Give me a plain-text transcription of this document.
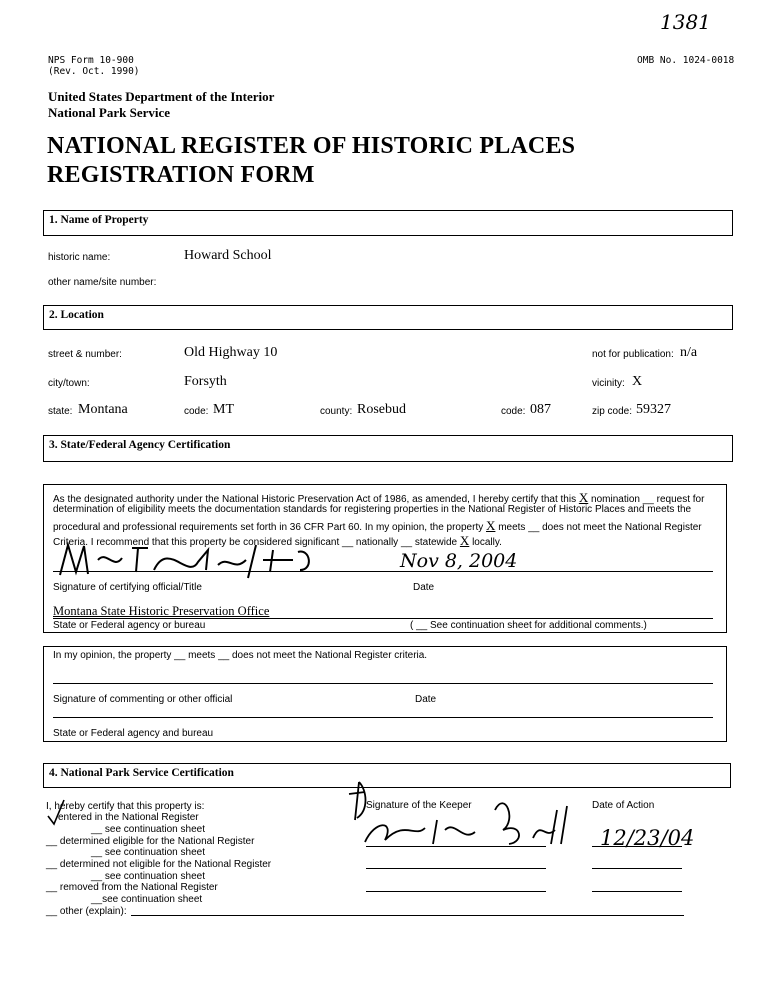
NPS Form 10-900
(Rev. Oct. 1990)
OMB No. 1024-0018
1381
United States Department of the Interior
National Park Service
NATIONAL REGISTER OF HISTORIC PLACES
REGISTRATION FORM
1. Name of Property
historic name:	Howard School
other name/site number:
2. Location
street & number:	Old Highway 10	not for publication: n/a
city/town:	Forsyth	vicinity: X
state: Montana	code: MT	county: Rosebud	code: 087	zip code: 59327
3. State/Federal Agency Certification
As the designated authority under the National Historic Preservation Act of 1986, as amended, I hereby certify that this X nomination __ request for
determination of eligibility meets the documentation standards for registering properties in the National Register of Historic Places and meets the
procedural and professional requirements set forth in 36 CFR Part 60. In my opinion, the property X meets __ does not meet the National Register
Criteria. I recommend that this property be considered significant __ nationally __ statewide X locally.
Nov 8, 2004
Signature of certifying official/Title	Date
Montana State Historic Preservation Office
State or Federal agency or bureau	( __ See continuation sheet for additional comments.)
In my opinion, the property __ meets __ does not meet the National Register criteria.
Signature of commenting or other official	Date
State or Federal agency and bureau
4. National Park Service Certification
I, hereby certify that this property is:
entered in the National Register
__ see continuation sheet
__ determined eligible for the National Register
__ see continuation sheet
__ determined not eligible for the National Register
__ see continuation sheet
__ removed from the National Register
__see continuation sheet
__ other (explain):
Signature of the Keeper	Date of Action
12/23/04
